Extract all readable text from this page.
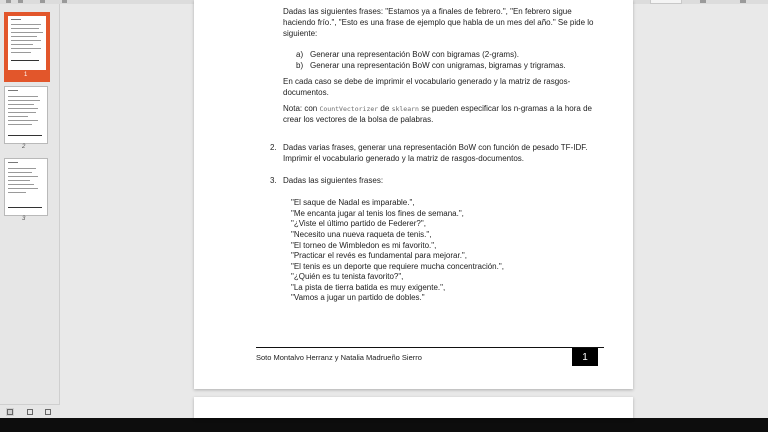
1
2
3
Dadas las siguientes frases: "Estamos ya a finales de febrero.", "En febrero sigue
haciendo frío.", "Esto es una frase de ejemplo que habla de un mes del año." Se pide lo
siguiente:
a) Generar una representación BoW con bigramas (2-grams).
b) Generar una representación BoW con unigramas, bigramas y trigramas.
En cada caso se debe de imprimir el vocabulario generado y la matriz de rasgos-
documentos.
Nota: con CountVectorizer de sklearn se pueden especificar los n-gramas a la hora de
crear los vectores de la bolsa de palabras.
2. Dadas varias frases, generar una representación BoW con función de pesado TF-IDF.
Imprimir el vocabulario generado y la matriz de rasgos-documentos.
3. Dadas las siguientes frases:
"El saque de Nadal es imparable.",
"Me encanta jugar al tenis los fines de semana.",
"¿Viste el último partido de Federer?",
"Necesito una nueva raqueta de tenis.",
"El torneo de Wimbledon es mi favorito.",
"Practicar el revés es fundamental para mejorar.",
"El tenis es un deporte que requiere mucha concentración.",
"¿Quién es tu tenista favorito?",
"La pista de tierra batida es muy exigente.",
"Vamos a jugar un partido de dobles."
Soto Montalvo Herranz y Natalia Madrueño Sierro	1
